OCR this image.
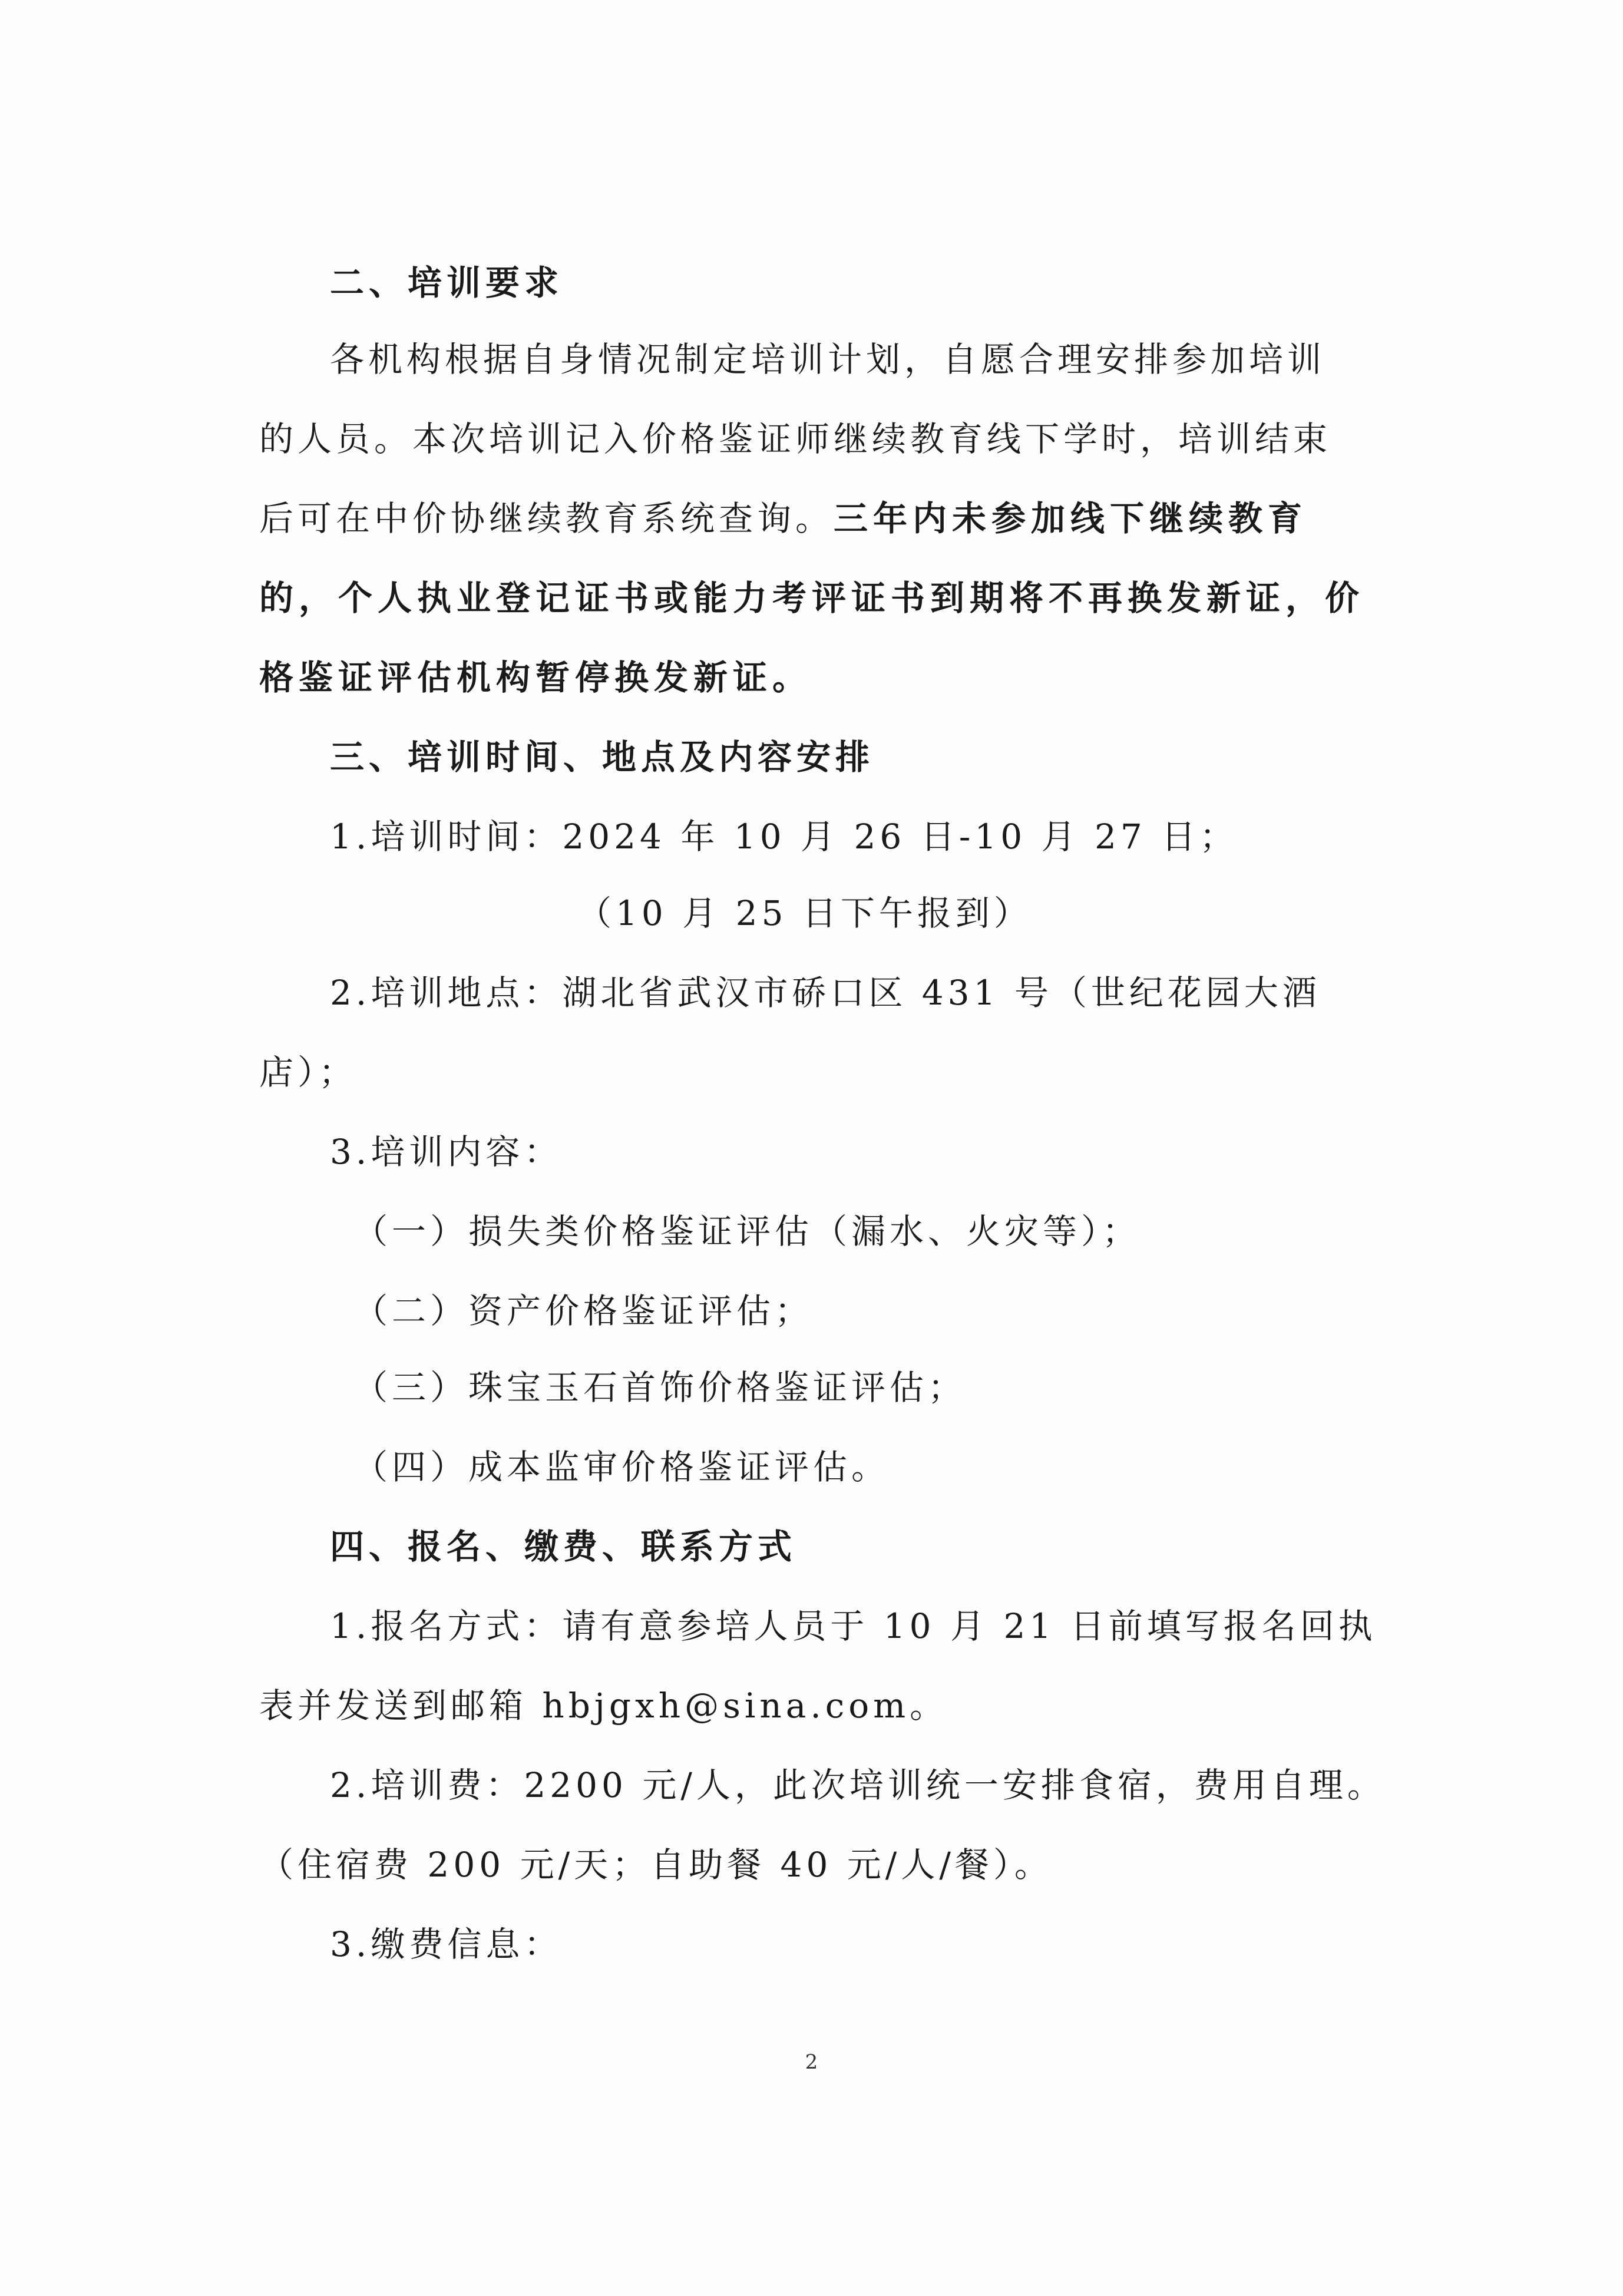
二、培训要求
各机构根据自身情况制定培训计划，自愿合理安排参加培训
的人员。本次培训记入价格鉴证师继续教育线下学时，培训结束
后可在中价协继续教育系统查询。三年内未参加线下继续教育
的，个人执业登记证书或能力考评证书到期将不再换发新证，价
格鉴证评估机构暂停换发新证。
三、培训时间、地点及内容安排
1.培训时间：2024 年 10 月 26 日-10 月 27 日；
（10 月 25 日下午报到）
2.培训地点：湖北省武汉市硚口区 431 号（世纪花园大酒
店）；
3.培训内容：
（一）损失类价格鉴证评估（漏水、火灾等）；
（二）资产价格鉴证评估；
（三）珠宝玉石首饰价格鉴证评估；
（四）成本监审价格鉴证评估。
四、报名、缴费、联系方式
1.报名方式：请有意参培人员于 10 月 21 日前填写报名回执
表并发送到邮箱 hbjgxh@sina.com。
2.培训费：2200 元/人，此次培训统一安排食宿，费用自理。
（住宿费 200 元/天；自助餐 40 元/人/餐）。
3.缴费信息：
2
